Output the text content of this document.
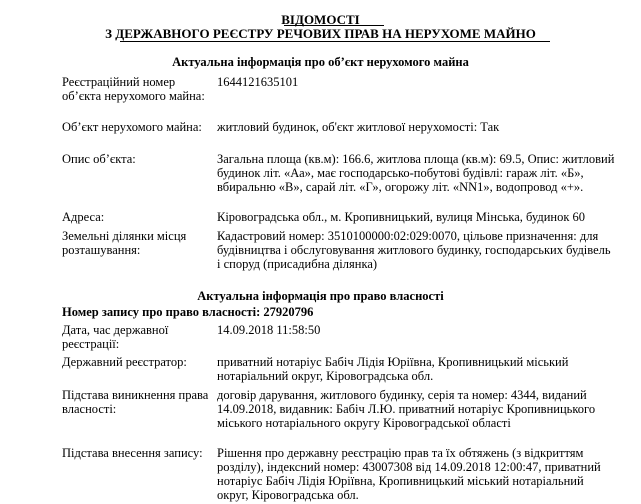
ВІДОМОСТІ
З ДЕРЖАВНОГО РЕЄСТРУ РЕЧОВИХ ПРАВ НА НЕРУХОМЕ МАЙНО
Актуальна інформація про об’єкт нерухомого майна
Реєстраційний номер об’єкта нерухомого майна:
1644121635101
Об’єкт нерухомого майна:	житловий будинок, об'єкт житлової нерухомості: Так
Опис об’єкта:	Загальна площа (кв.м): 166.6, житлова площа (кв.м): 69.5, Опис: житловий будинок літ. «Аа», має господарсько-побутові будівлі: гараж літ. «Б», вбиральню «В», сарай літ. «Г», огорожу літ. «NN1», водопровод «+».
Адреса:	Кіровоградська обл., м. Кропивницький, вулиця Мінська, будинок 60
Земельні ділянки місця розташування:
Кадастровий номер: 3510100000:02:029:0070, цільове призначення: для будівництва і обслуговування житлового будинку, господарських будівель і споруд (присадибна ділянка)
Актуальна інформація про право власності
Номер запису про право власності: 27920796
Дата, час державної реєстрації:
14.09.2018 11:58:50
Державний реєстратор:	приватний нотаріус Бабіч Лідія Юріївна, Кропивницький міський нотаріальний округ, Кіровоградська обл.
Підстава виникнення права власності:
договір дарування, житлового будинку, серія та номер: 4344, виданий 14.09.2018, видавник: Бабіч Л.Ю. приватний нотаріус Кропивницького міського нотаріального округу Кіровоградської області
Підстава внесення запису:	Рішення про державну реєстрацію прав та їх обтяжень (з відкриттям розділу), індексний номер: 43007308 від 14.09.2018 12:00:47, приватний нотаріус Бабіч Лідія Юріївна, Кропивницький міський нотаріальний округ, Кіровоградська обл.
